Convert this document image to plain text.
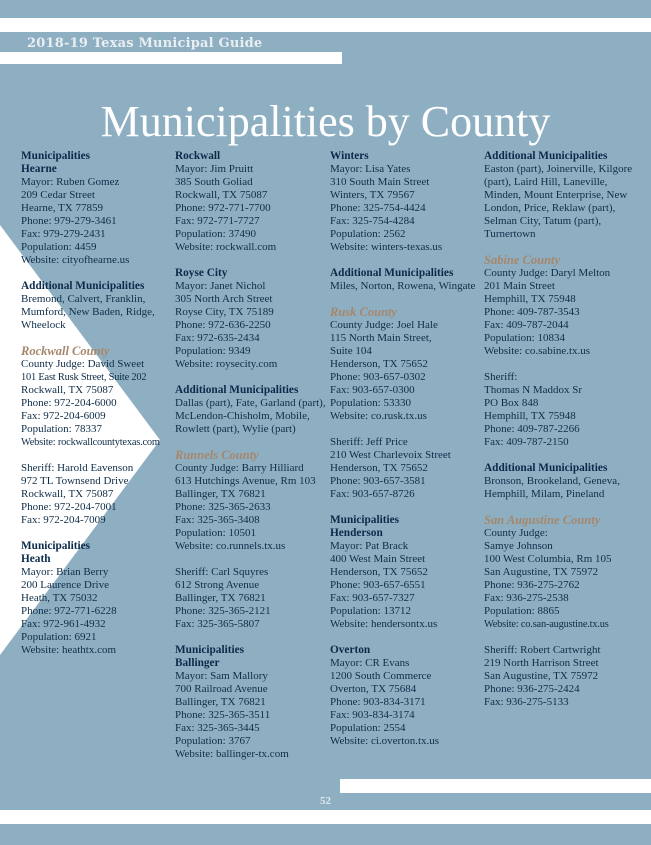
2018-19 Texas Municipal Guide
Municipalities by County
Municipalities
Hearne
Mayor: Ruben Gomez
209 Cedar Street
Hearne, TX 77859
Phone: 979-279-3461
Fax: 979-279-2431
Population: 4459
Website: cityofhearne.us
Additional Municipalities
Bremond, Calvert, Franklin, Mumford, New Baden, Ridge, Wheelock
Rockwall County
County Judge: David Sweet
101 East Rusk Street, Suite 202
Rockwall, TX 75087
Phone: 972-204-6000
Fax: 972-204-6009
Population: 78337
Website: rockwallcountytexas.com
Sheriff: Harold Eavenson
972 TL Townsend Drive
Rockwall, TX 75087
Phone: 972-204-7001
Fax: 972-204-7009
Municipalities
Heath
Mayor: Brian Berry
200 Laurence Drive
Heath, TX 75032
Phone: 972-771-6228
Fax: 972-961-4932
Population: 6921
Website: heathtx.com
Rockwall
Mayor: Jim Pruitt
385 South Goliad
Rockwall, TX 75087
Phone: 972-771-7700
Fax: 972-771-7727
Population: 37490
Website: rockwall.com
Royse City
Mayor: Janet Nichol
305 North Arch Street
Royse City, TX 75189
Phone: 972-636-2250
Fax: 972-635-2434
Population: 9349
Website: roysecity.com
Additional Municipalities
Dallas (part), Fate, Garland (part), McLendon-Chisholm, Mobile, Rowlett (part), Wylie (part)
Runnels County
County Judge: Barry Hilliard
613 Hutchings Avenue, Rm 103
Ballinger, TX 76821
Phone: 325-365-2633
Fax: 325-365-3408
Population: 10501
Website: co.runnels.tx.us
Sheriff: Carl Squyres
612 Strong Avenue
Ballinger, TX 76821
Phone: 325-365-2121
Fax: 325-365-5807
Municipalities
Ballinger
Mayor: Sam Mallory
700 Railroad Avenue
Ballinger, TX 76821
Phone: 325-365-3511
Fax: 325-365-3445
Population: 3767
Website: ballinger-tx.com
Winters
Mayor: Lisa Yates
310 South Main Street
Winters, TX 79567
Phone: 325-754-4424
Fax: 325-754-4284
Population: 2562
Website: winters-texas.us
Additional Municipalities
Miles, Norton, Rowena, Wingate
Rusk County
County Judge: Joel Hale
115 North Main Street,
Suite 104
Henderson, TX 75652
Phone: 903-657-0302
Fax: 903-657-0300
Population: 53330
Website: co.rusk.tx.us
Sheriff: Jeff Price
210 West Charlevoix Street
Henderson, TX 75652
Phone: 903-657-3581
Fax: 903-657-8726
Municipalities
Henderson
Mayor: Pat Brack
400 West Main Street
Henderson, TX 75652
Phone: 903-657-6551
Fax: 903-657-7327
Population: 13712
Website: hendersontx.us
Overton
Mayor: CR Evans
1200 South Commerce
Overton, TX 75684
Phone: 903-834-3171
Fax: 903-834-3174
Population: 2554
Website: ci.overton.tx.us
Additional Municipalities
Easton (part), Joinerville, Kilgore (part), Laird Hill, Laneville, Minden, Mount Enterprise, New London, Price, Reklaw (part), Selman City, Tatum (part), Turnertown
Sabine County
County Judge: Daryl Melton
201 Main Street
Hemphill, TX 75948
Phone: 409-787-3543
Fax: 409-787-2044
Population: 10834
Website: co.sabine.tx.us
Sheriff:
Thomas N Maddox Sr
PO Box 848
Hemphill, TX 75948
Phone: 409-787-2266
Fax: 409-787-2150
Additional Municipalities
Bronson, Brookeland, Geneva, Hemphill, Milam, Pineland
San Augustine County
County Judge:
Samye Johnson
100 West Columbia, Rm 105
San Augustine, TX 75972
Phone: 936-275-2762
Fax: 936-275-2538
Population: 8865
Website: co.san-augustine.tx.us
Sheriff: Robert Cartwright
219 North Harrison Street
San Augustine, TX 75972
Phone: 936-275-2424
Fax: 936-275-5133
52
